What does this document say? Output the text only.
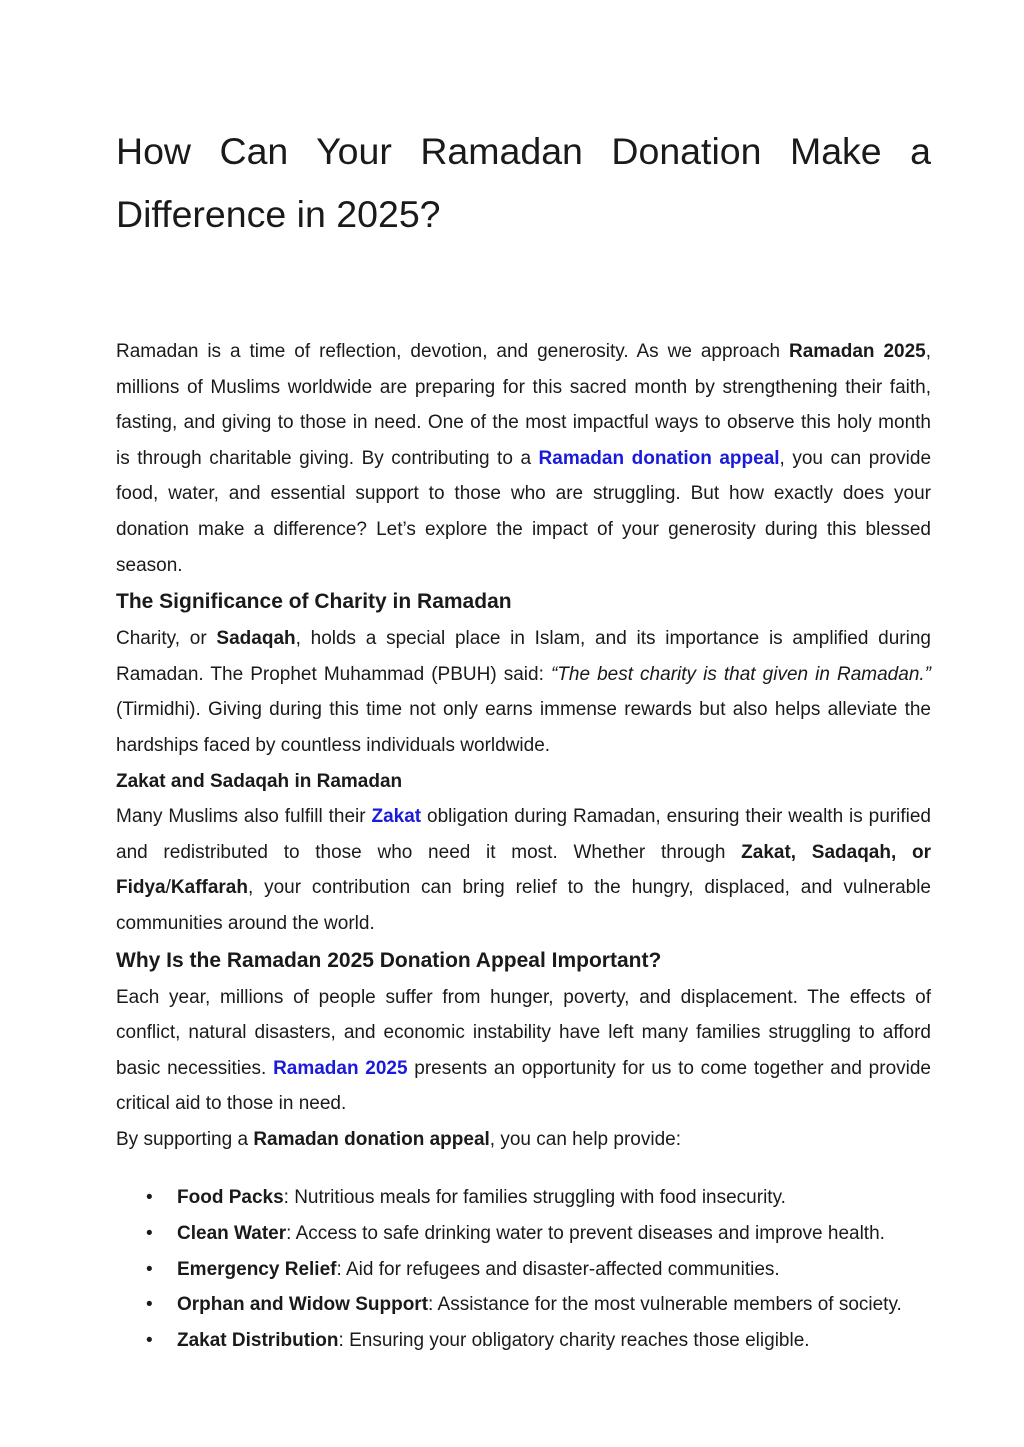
How Can Your Ramadan Donation Make a Difference in 2025?

Ramadan is a time of reflection, devotion, and generosity. As we approach Ramadan 2025, millions of Muslims worldwide are preparing for this sacred month by strengthening their faith, fasting, and giving to those in need. One of the most impactful ways to observe this holy month is through charitable giving. By contributing to a Ramadan donation appeal, you can provide food, water, and essential support to those who are struggling. But how exactly does your donation make a difference? Let’s explore the impact of your generosity during this blessed season.

The Significance of Charity in Ramadan

Charity, or Sadaqah, holds a special place in Islam, and its importance is amplified during Ramadan. The Prophet Muhammad (PBUH) said: “The best charity is that given in Ramadan.” (Tirmidhi). Giving during this time not only earns immense rewards but also helps alleviate the hardships faced by countless individuals worldwide.

Zakat and Sadaqah in Ramadan

Many Muslims also fulfill their Zakat obligation during Ramadan, ensuring their wealth is purified and redistributed to those who need it most. Whether through Zakat, Sadaqah, or Fidya/Kaffarah, your contribution can bring relief to the hungry, displaced, and vulnerable communities around the world.

Why Is the Ramadan 2025 Donation Appeal Important?

Each year, millions of people suffer from hunger, poverty, and displacement. The effects of conflict, natural disasters, and economic instability have left many families struggling to afford basic necessities. Ramadan 2025 presents an opportunity for us to come together and provide critical aid to those in need.

By supporting a Ramadan donation appeal, you can help provide:

• Food Packs: Nutritious meals for families struggling with food insecurity.
• Clean Water: Access to safe drinking water to prevent diseases and improve health.
• Emergency Relief: Aid for refugees and disaster-affected communities.
• Orphan and Widow Support: Assistance for the most vulnerable members of society.
• Zakat Distribution: Ensuring your obligatory charity reaches those eligible.
